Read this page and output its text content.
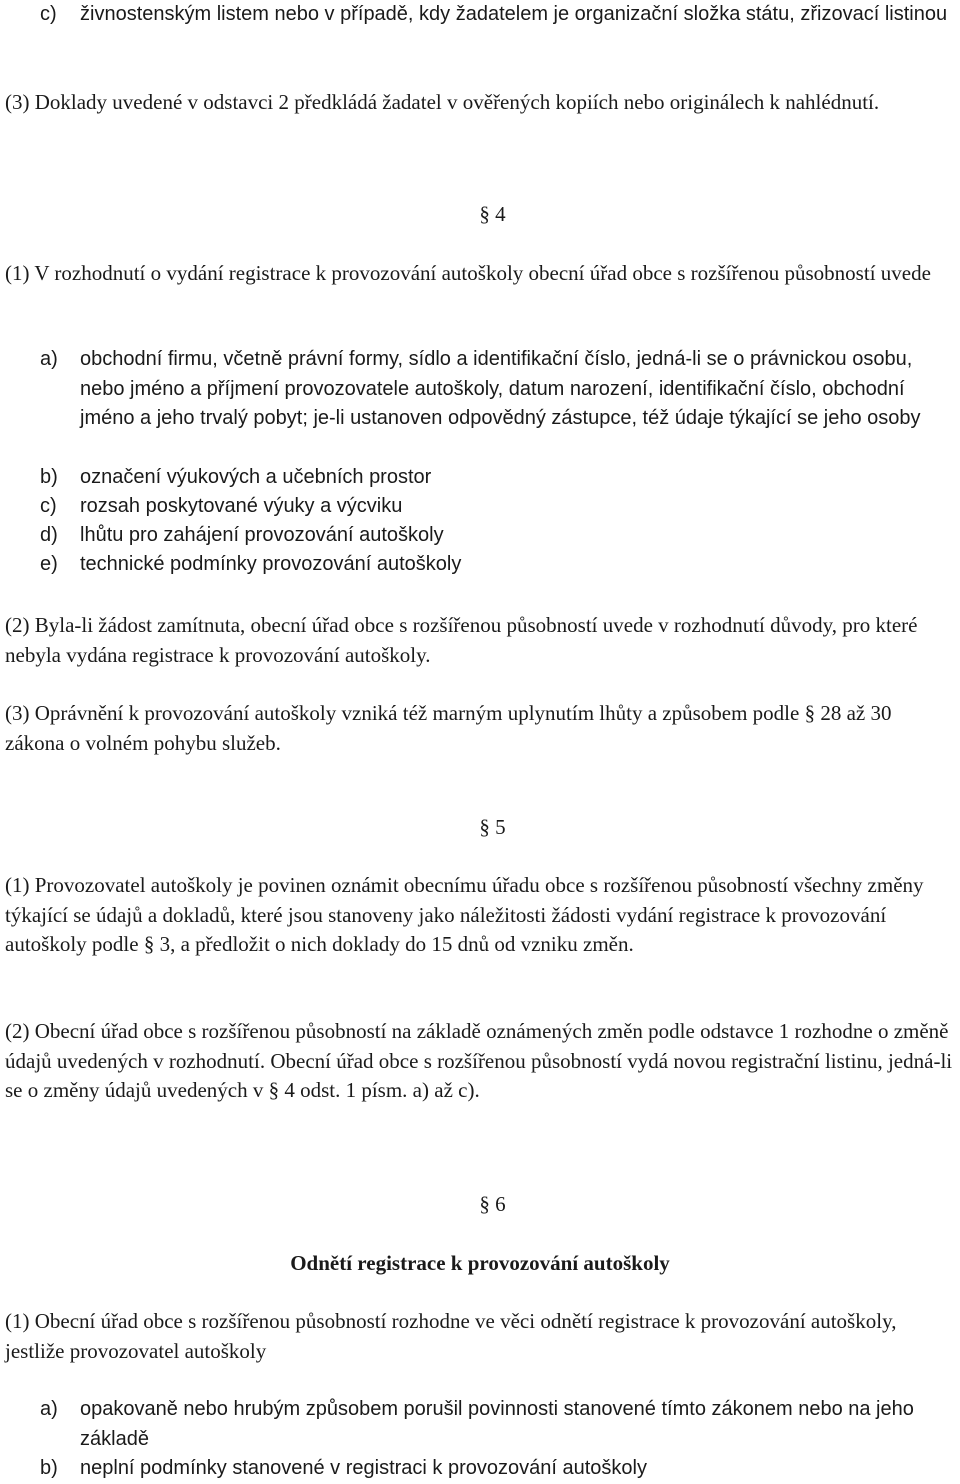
c)	živnostenským listem nebo v případě, kdy žadatelem je organizační složka státu, zřizovací listinou

(3) Doklady uvedené v odstavci 2 předkládá žadatel v ověřených kopiích nebo originálech k nahlédnutí.

§ 4

(1) V rozhodnutí o vydání registrace k provozování autoškoly obecní úřad obce s rozšířenou působností uvede

a)	obchodní firmu, včetně právní formy, sídlo a identifikační číslo, jedná-li se o právnickou osobu, nebo jméno a příjmení provozovatele autoškoly, datum narození, identifikační číslo, obchodní jméno a jeho trvalý pobyt; je-li ustanoven odpovědný zástupce, též údaje týkající se jeho osoby
b)	označení výukových a učebních prostor
c)	rozsah poskytované výuky a výcviku
d)	lhůtu pro zahájení provozování autoškoly
e)	technické podmínky provozování autoškoly

(2) Byla-li žádost zamítnuta, obecní úřad obce s rozšířenou působností uvede v rozhodnutí důvody, pro které nebyla vydána registrace k provozování autoškoly.

(3) Oprávnění k provozování autoškoly vzniká též marným uplynutím lhůty a způsobem podle § 28 až 30 zákona o volném pohybu služeb.

§ 5

(1) Provozovatel autoškoly je povinen oznámit obecnímu úřadu obce s rozšířenou působností všechny změny týkající se údajů a dokladů, které jsou stanoveny jako náležitosti žádosti vydání registrace k provozování autoškoly podle § 3, a předložit o nich doklady do 15 dnů od vzniku změn.

(2) Obecní úřad obce s rozšířenou působností na základě oznámených změn podle odstavce 1 rozhodne o změně údajů uvedených v rozhodnutí. Obecní úřad obce s rozšířenou působností vydá novou registrační listinu, jedná-li se o změny údajů uvedených v § 4 odst. 1 písm. a) až c).

§ 6

Odnětí registrace k provozování autoškoly

(1) Obecní úřad obce s rozšířenou působností rozhodne ve věci odnětí registrace k provozování autoškoly, jestliže provozovatel autoškoly

a)	opakovaně nebo hrubým způsobem porušil povinnosti stanovené tímto zákonem nebo na jeho základě
b)	neplní podmínky stanovené v registraci k provozování autoškoly
